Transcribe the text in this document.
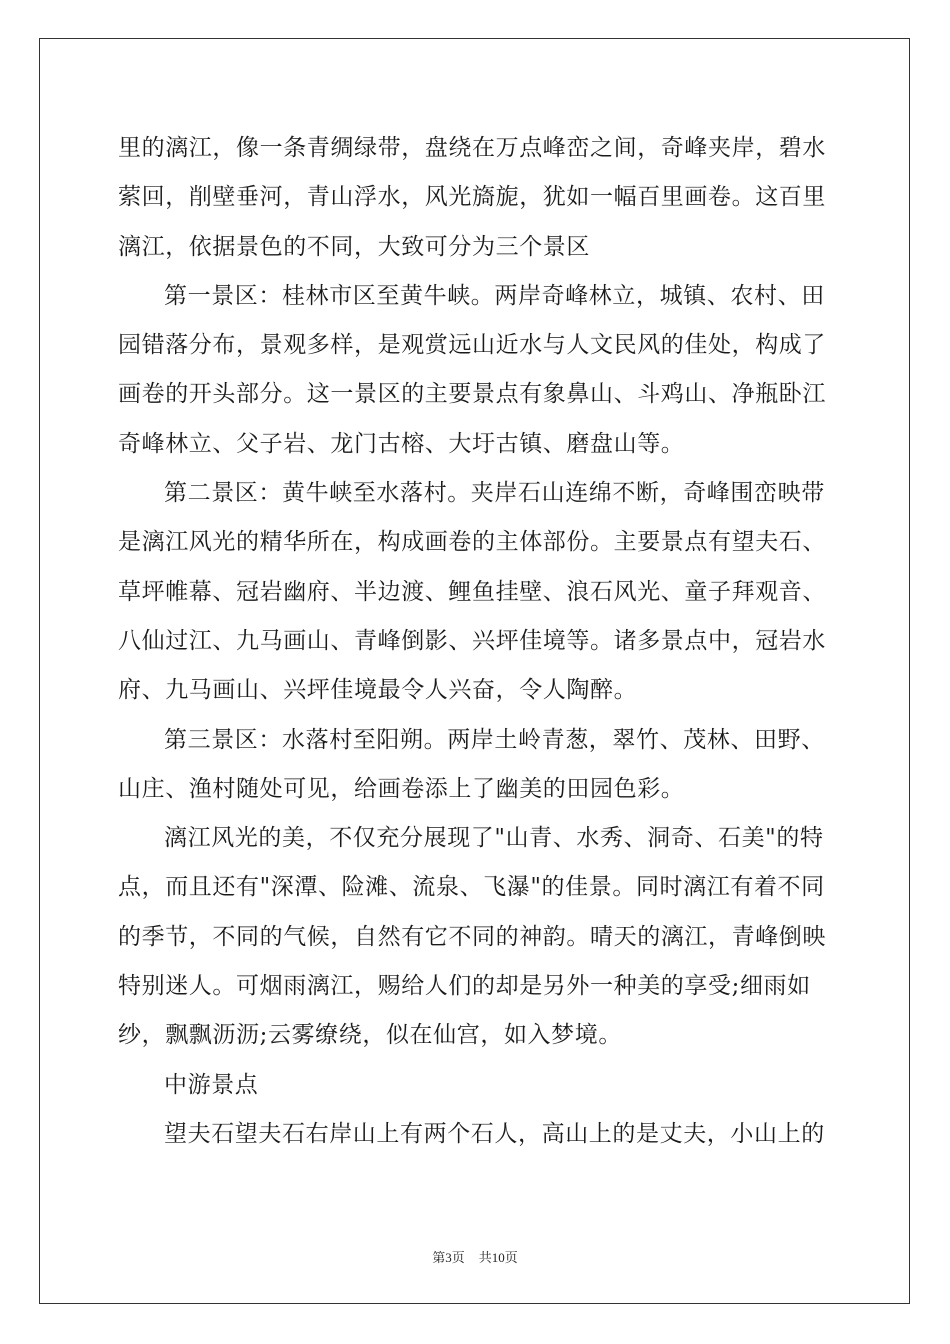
里的漓江，像一条青绸绿带，盘绕在万点峰峦之间，奇峰夹岸，碧水
萦回，削壁垂河，青山浮水，风光旖旎，犹如一幅百里画卷。这百里
漓江，依据景色的不同，大致可分为三个景区
第一景区：桂林市区至黄牛峡。两岸奇峰林立，城镇、农村、田
园错落分布，景观多样，是观赏远山近水与人文民风的佳处，构成了
画卷的开头部分。这一景区的主要景点有象鼻山、斗鸡山、净瓶卧江
奇峰林立、父子岩、龙门古榕、大圩古镇、磨盘山等。
第二景区：黄牛峡至水落村。夹岸石山连绵不断，奇峰围峦映带
是漓江风光的精华所在，构成画卷的主体部份。主要景点有望夫石、
草坪帷幕、冠岩幽府、半边渡、鲤鱼挂壁、浪石风光、童子拜观音、
八仙过江、九马画山、青峰倒影、兴坪佳境等。诸多景点中，冠岩水
府、九马画山、兴坪佳境最令人兴奋，令人陶醉。
第三景区：水落村至阳朔。两岸土岭青葱，翠竹、茂林、田野、
山庄、渔村随处可见，给画卷添上了幽美的田园色彩。
漓江风光的美，不仅充分展现了"山青、水秀、洞奇、石美"的特
点，而且还有"深潭、险滩、流泉、飞瀑"的佳景。同时漓江有着不同
的季节，不同的气候，自然有它不同的神韵。晴天的漓江，青峰倒映
特别迷人。可烟雨漓江，赐给人们的却是另外一种美的享受;细雨如
纱，飘飘沥沥;云雾缭绕，似在仙宫，如入梦境。
中游景点
望夫石望夫石右岸山上有两个石人，高山上的是丈夫，小山上的
第3页 共10页
